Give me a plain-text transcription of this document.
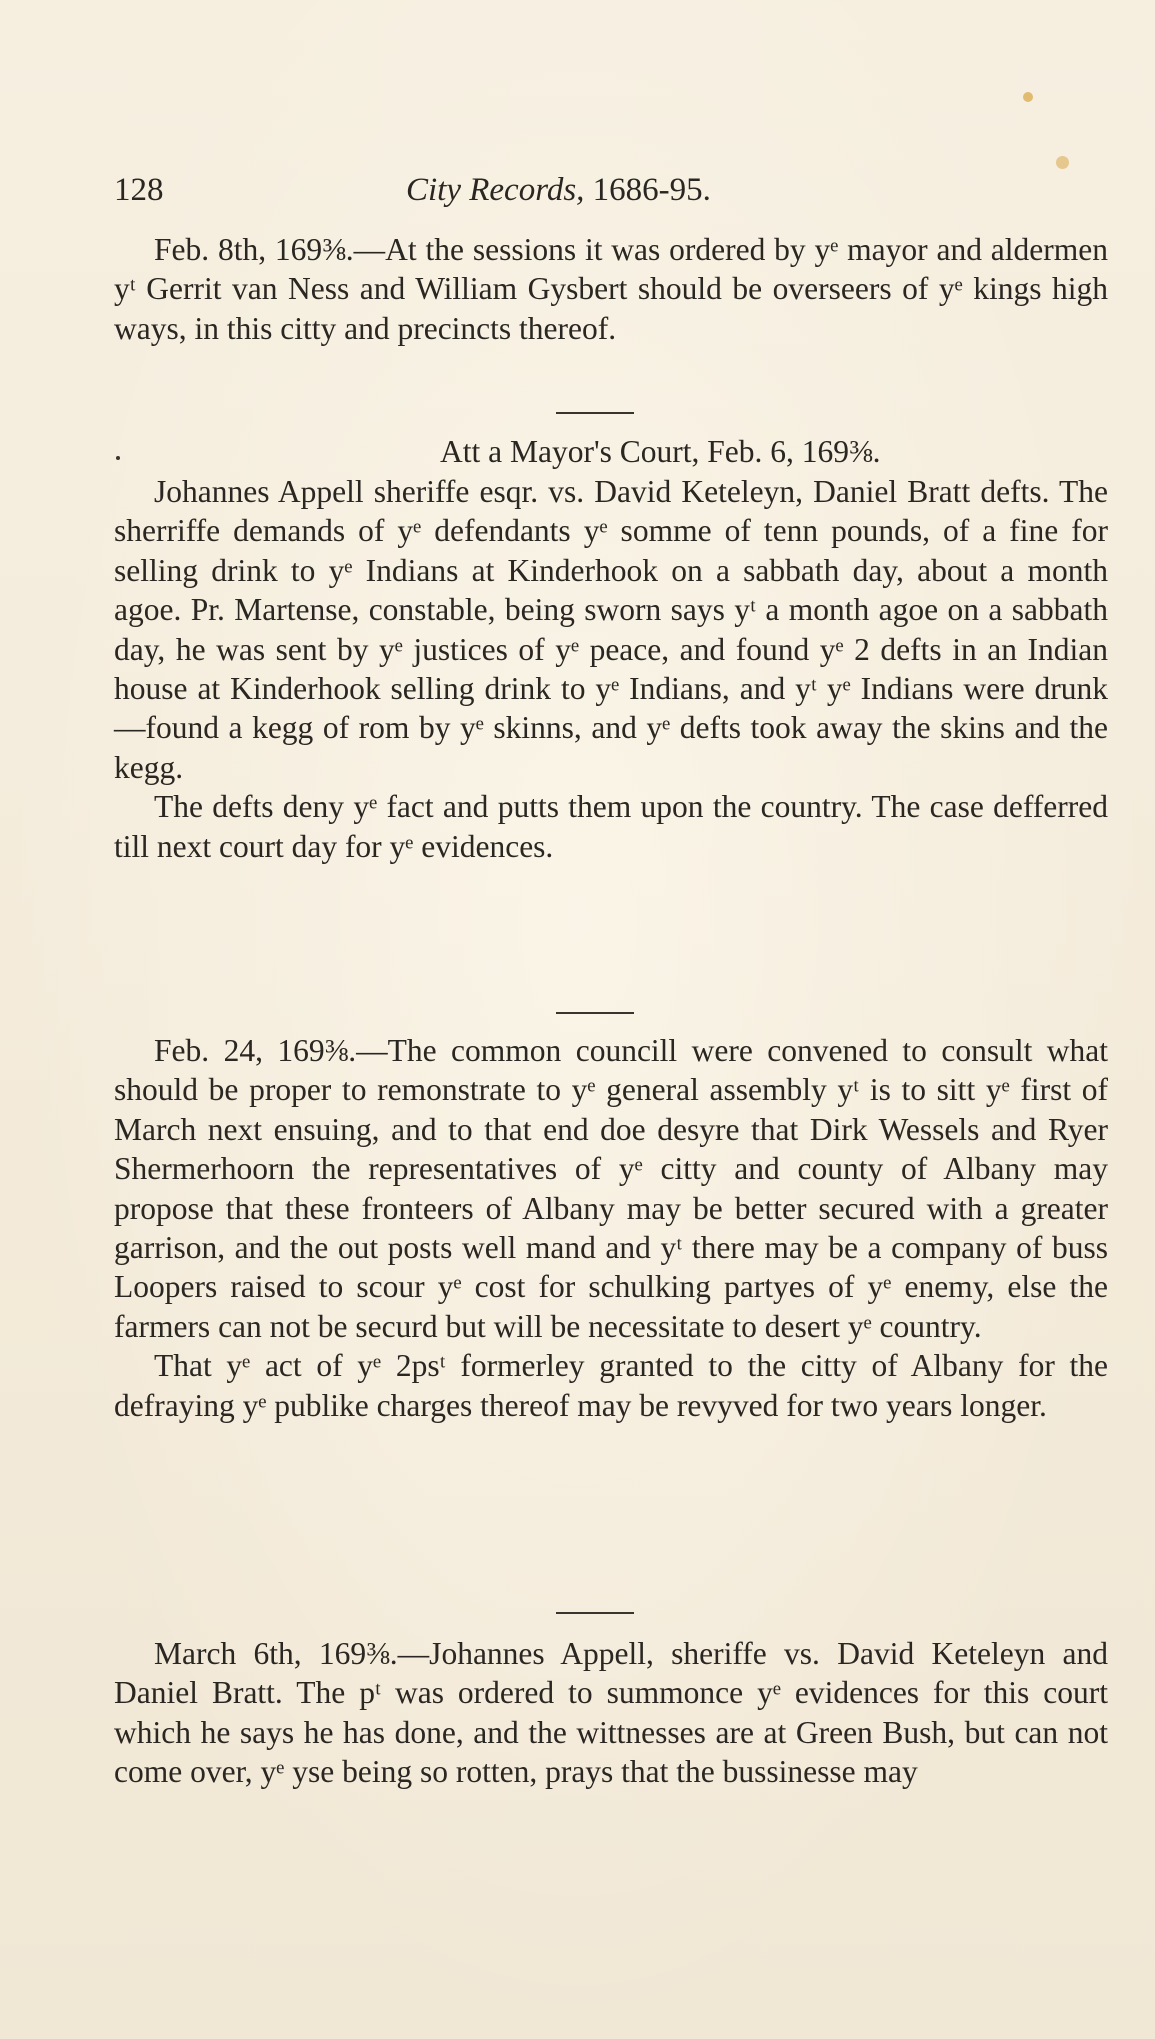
128	City Records, 1686-95.

Feb. 8th, 169⅜.—At the sessions it was ordered by yᵉ mayor and aldermen yᵗ Gerrit van Ness and William Gysbert should be overseers of yᵉ kings high ways, in this citty and precincts thereof.

Att a Mayor's Court, Feb. 6, 169⅜.

Johannes Appell sheriffe esqr. vs. David Keteleyn, Daniel Bratt defts. The sherriffe demands of yᵉ defendants yᵉ somme of tenn pounds, of a fine for selling drink to yᵉ Indians at Kinderhook on a sabbath day, about a month agoe. Pr. Martense, constable, being sworn says yᵗ a month agoe on a sabbath day, he was sent by yᵉ justices of yᵉ peace, and found yᵉ 2 defts in an Indian house at Kinderhook selling drink to yᵉ Indians, and yᵗ yᵉ Indians were drunk—found a kegg of rom by yᵉ skinns, and yᵉ defts took away the skins and the kegg.

The defts deny yᵉ fact and putts them upon the country. The case defferred till next court day for yᵉ evidences.

Feb. 24, 169⅜.—The common councill were convened to consult what should be proper to remonstrate to yᵉ general assembly yᵗ is to sitt yᵉ first of March next ensuing, and to that end doe desyre that Dirk Wessels and Ryer Shermerhoorn the representatives of yᵉ citty and county of Albany may propose that these fronteers of Albany may be better secured with a greater garrison, and the out posts well mand and yᵗ there may be a company of buss Loopers raised to scour yᵉ cost for schulking partyes of yᵉ enemy, else the farmers can not be securd but will be necessitate to desert yᵉ country.

That yᵉ act of yᵉ 2psᵗ formerley granted to the citty of Albany for the defraying yᵉ publike charges thereof may be revyved for two years longer.

March 6th, 169⅜.—Johannes Appell, sheriffe vs. David Keteleyn and Daniel Bratt. The pᵗ was ordered to summonce yᵉ evidences for this court which he says he has done, and the wittnesses are at Green Bush, but can not come over, yᵉ yse being so rotten, prays that the bussinesse may
